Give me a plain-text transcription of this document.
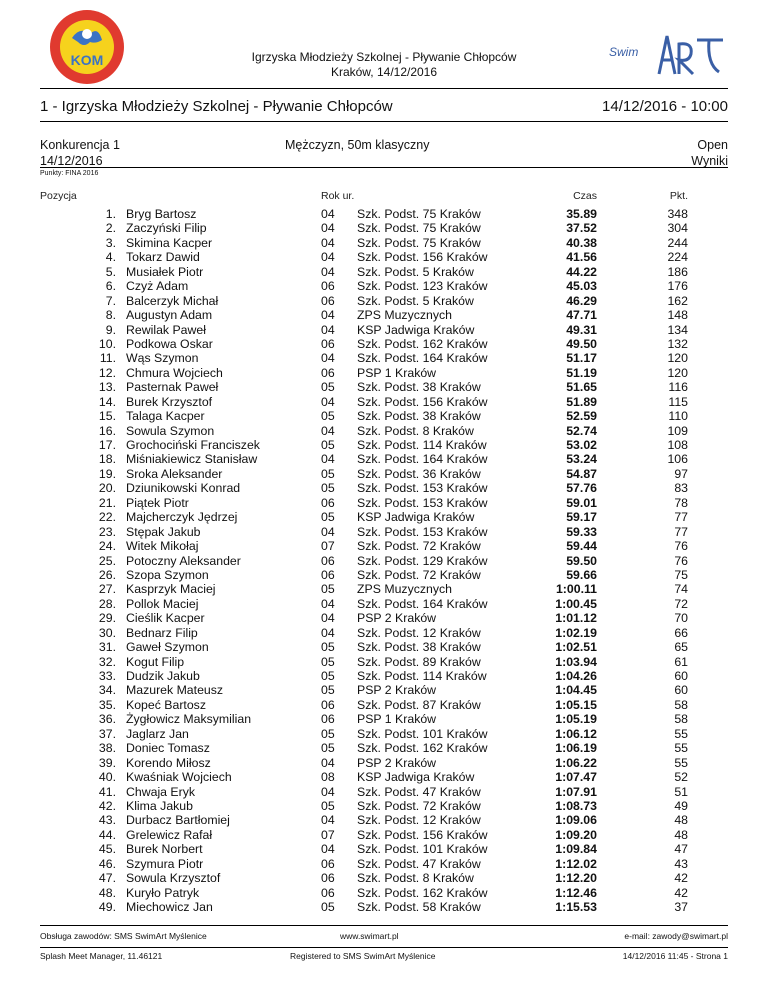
KOM	Igrzyska Młodzieży Szkolnej - Pływanie Chłopców
Kraków, 14/12/2016
Swim
1 - Igrzyska Młodzieży Szkolnej - Pływanie Chłopców	14/12/2016 - 10:00
Konkurencja 1
14/12/2016
Mężczyzn, 50m klasyczny	Open
Wyniki
Punkty: FINA 2016
Pozycja	Rok ur.	Czas	Pkt.
1. Bryg Bartosz	04 Szk. Podst. 75 Kraków	35.89	348
2. Zaczyński Filip	04 Szk. Podst. 75 Kraków	37.52	304
3. Skimina Kacper	04 Szk. Podst. 75 Kraków	40.38	244
4. Tokarz Dawid	04 Szk. Podst. 156 Kraków	41.56	224
5. Musiałek Piotr	04 Szk. Podst. 5 Kraków	44.22	186
6. Czyż Adam	06 Szk. Podst. 123 Kraków	45.03	176
7. Balcerzyk Michał	06 Szk. Podst. 5 Kraków	46.29	162
8. Augustyn Adam	04 ZPS Muzycznych	47.71	148
9. Rewilak Paweł	04 KSP Jadwiga Kraków	49.31	134
10. Podkowa Oskar	06 Szk. Podst. 162 Kraków	49.50	132
11. Wąs Szymon	04 Szk. Podst. 164 Kraków	51.17	120
12. Chmura Wojciech	06 PSP 1 Kraków	51.19	120
13. Pasternak Paweł	05 Szk. Podst. 38 Kraków	51.65	116
14. Burek Krzysztof	04 Szk. Podst. 156 Kraków	51.89	115
15. Talaga Kacper	05 Szk. Podst. 38 Kraków	52.59	110
16. Sowula Szymon	04 Szk. Podst. 8 Kraków	52.74	109
17. Grochociński Franciszek	05 Szk. Podst. 114 Kraków	53.02	108
18. Miśniakiewicz Stanisław	04 Szk. Podst. 164 Kraków	53.24	106
19. Sroka Aleksander	05 Szk. Podst. 36 Kraków	54.87	97
20. Dziunikowski Konrad	05 Szk. Podst. 153 Kraków	57.76	83
21. Piątek Piotr	06 Szk. Podst. 153 Kraków	59.01	78
22. Majcherczyk Jędrzej	05 KSP Jadwiga Kraków	59.17	77
23. Stępak Jakub	04 Szk. Podst. 153 Kraków	59.33	77
24. Witek Mikołaj	07 Szk. Podst. 72 Kraków	59.44	76
25. Potoczny Aleksander	06 Szk. Podst. 129 Kraków	59.50	76
26. Szopa Szymon	06 Szk. Podst. 72 Kraków	59.66	75
27. Kasprzyk Maciej	05 ZPS Muzycznych	1:00.11	74
28. Pollok Maciej	04 Szk. Podst. 164 Kraków	1:00.45	72
29. Cieślik Kacper	04 PSP 2 Kraków	1:01.12	70
30. Bednarz Filip	04 Szk. Podst. 12 Kraków	1:02.19	66
31. Gaweł Szymon	05 Szk. Podst. 38 Kraków	1:02.51	65
32. Kogut Filip	05 Szk. Podst. 89 Kraków	1:03.94	61
33. Dudzik Jakub	05 Szk. Podst. 114 Kraków	1:04.26	60
34. Mazurek Mateusz	05 PSP 2 Kraków	1:04.45	60
35. Kopeć Bartosz	06 Szk. Podst. 87 Kraków	1:05.15	58
36. Żygłowicz Maksymilian	06 PSP 1 Kraków	1:05.19	58
37. Jaglarz Jan	05 Szk. Podst. 101 Kraków	1:06.12	55
38. Doniec Tomasz	05 Szk. Podst. 162 Kraków	1:06.19	55
39. Korendo Miłosz	04 PSP 2 Kraków	1:06.22	55
40. Kwaśniak Wojciech	08 KSP Jadwiga Kraków	1:07.47	52
41. Chwaja Eryk	04 Szk. Podst. 47 Kraków	1:07.91	51
42. Klima Jakub	05 Szk. Podst. 72 Kraków	1:08.73	49
43. Durbacz Bartłomiej	04 Szk. Podst. 12 Kraków	1:09.06	48
44. Grelewicz Rafał	07 Szk. Podst. 156 Kraków	1:09.20	48
45. Burek Norbert	04 Szk. Podst. 101 Kraków	1:09.84	47
46. Szymura Piotr	06 Szk. Podst. 47 Kraków	1:12.02	43
47. Sowula Krzysztof	06 Szk. Podst. 8 Kraków	1:12.20	42
48. Kuryło Patryk	06 Szk. Podst. 162 Kraków	1:12.46	42
49. Miechowicz Jan	05 Szk. Podst. 58 Kraków	1:15.53	37
Obsługa zawodów: SMS SwimArt Myślenice	www.swimart.pl	e-mail: zawody@swimart.pl
Splash Meet Manager, 11.46121	Registered to SMS SwimArt Myślenice	14/12/2016 11:45 - Strona 1
